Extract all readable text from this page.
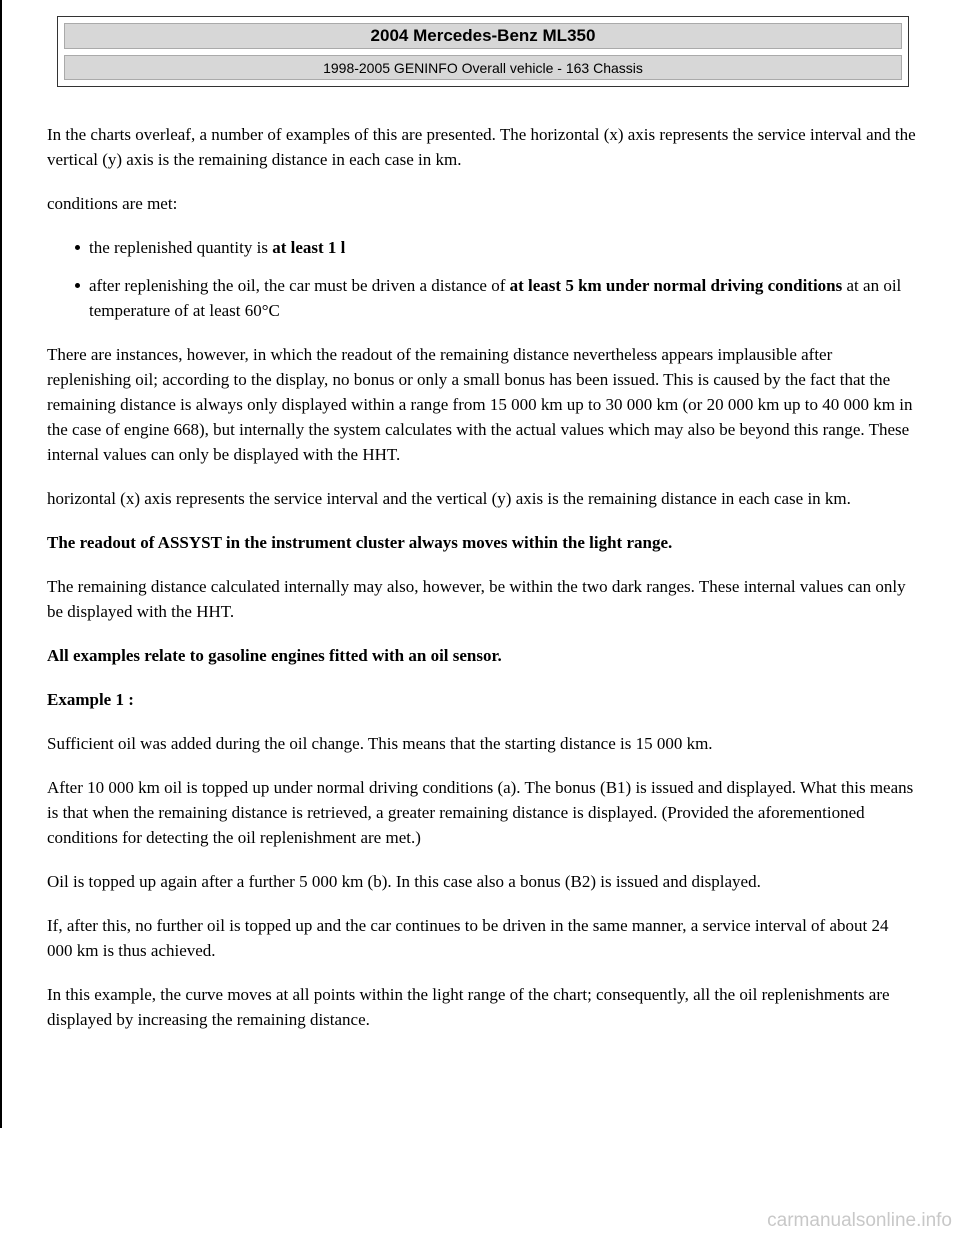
2004 Mercedes-Benz ML350
1998-2005 GENINFO Overall vehicle - 163 Chassis

In the charts overleaf, a number of examples of this are presented. The horizontal (x) axis represents the service interval and the vertical (y) axis is the remaining distance in each case in km.

conditions are met:

the replenished quantity is at least 1 l
after replenishing the oil, the car must be driven a distance of at least 5 km under normal driving conditions at an oil temperature of at least 60°C

There are instances, however, in which the readout of the remaining distance nevertheless appears implausible after replenishing oil; according to the display, no bonus or only a small bonus has been issued. This is caused by the fact that the remaining distance is always only displayed within a range from 15 000 km up to 30 000 km (or 20 000 km up to 40 000 km in the case of engine 668), but internally the system calculates with the actual values which may also be beyond this range. These internal values can only be displayed with the HHT.

horizontal (x) axis represents the service interval and the vertical (y) axis is the remaining distance in each case in km.

The readout of ASSYST in the instrument cluster always moves within the light range.

The remaining distance calculated internally may also, however, be within the two dark ranges. These internal values can only be displayed with the HHT.

All examples relate to gasoline engines fitted with an oil sensor.

Example 1 :

Sufficient oil was added during the oil change. This means that the starting distance is 15 000 km.

After 10 000 km oil is topped up under normal driving conditions (a). The bonus (B1) is issued and displayed. What this means is that when the remaining distance is retrieved, a greater remaining distance is displayed. (Provided the aforementioned conditions for detecting the oil replenishment are met.)

Oil is topped up again after a further 5 000 km (b). In this case also a bonus (B2) is issued and displayed.

If, after this, no further oil is topped up and the car continues to be driven in the same manner, a service interval of about 24 000 km is thus achieved.

In this example, the curve moves at all points within the light range of the chart; consequently, all the oil replenishments are displayed by increasing the remaining distance.

carmanualsonline.info
